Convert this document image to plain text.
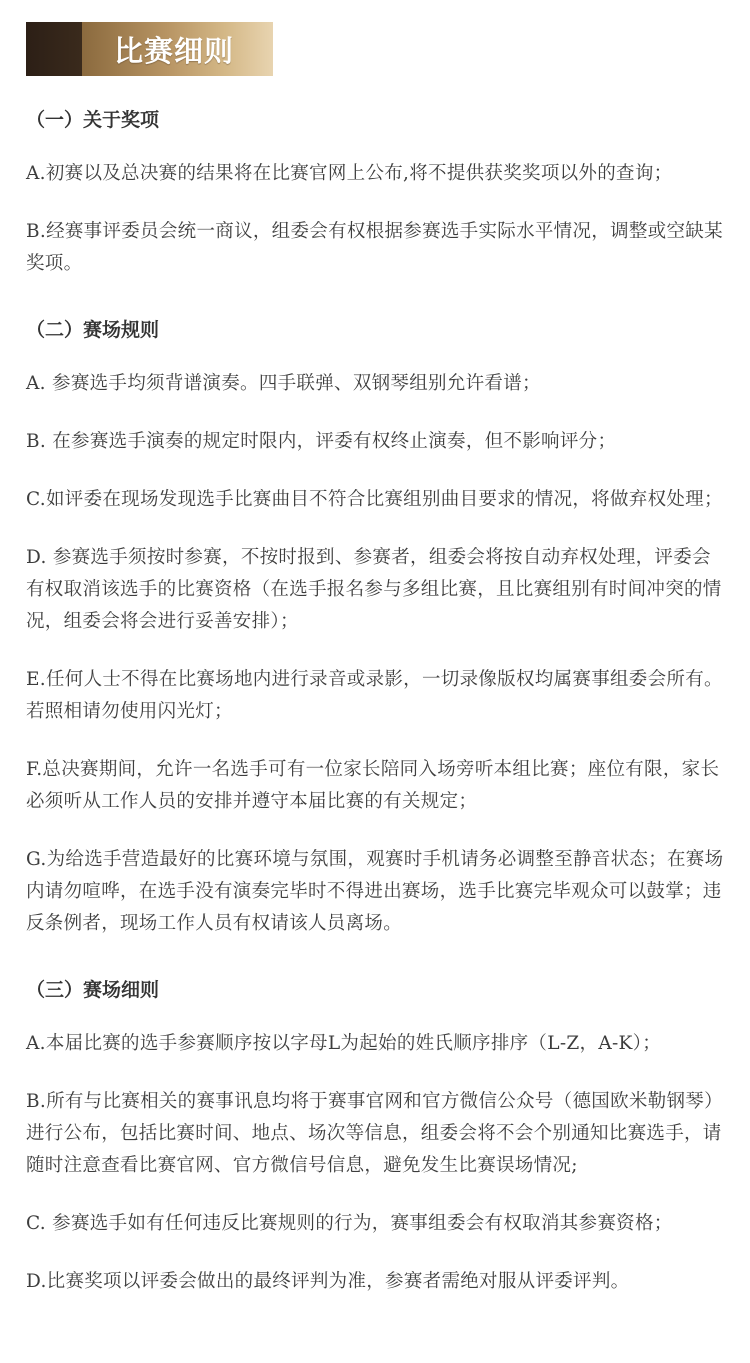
比赛细则
（一）关于奖项

A.初赛以及总决赛的结果将在比赛官网上公布,将不提供获奖奖项以外的查询；

B.经赛事评委员会统一商议，组委会有权根据参赛选手实际水平情况，调整或空缺某奖项。

（二）赛场规则

A. 参赛选手均须背谱演奏。四手联弹、双钢琴组别允许看谱；

B. 在参赛选手演奏的规定时限内，评委有权终止演奏，但不影响评分；

C.如评委在现场发现选手比赛曲目不符合比赛组别曲目要求的情况，将做弃权处理；

D. 参赛选手须按时参赛，不按时报到、参赛者，组委会将按自动弃权处理，评委会有权取消该选手的比赛资格（在选手报名参与多组比赛，且比赛组别有时间冲突的情况，组委会将会进行妥善安排）；

E.任何人士不得在比赛场地内进行录音或录影，一切录像版权均属赛事组委会所有。若照相请勿使用闪光灯；

F.总决赛期间，允许一名选手可有一位家长陪同入场旁听本组比赛；座位有限，家长必须听从工作人员的安排并遵守本届比赛的有关规定；

G.为给选手营造最好的比赛环境与氛围，观赛时手机请务必调整至静音状态；在赛场内请勿喧哗，在选手没有演奏完毕时不得进出赛场，选手比赛完毕观众可以鼓掌；违反条例者，现场工作人员有权请该人员离场。

（三）赛场细则

A.本届比赛的选手参赛顺序按以字母L为起始的姓氏顺序排序（L-Z，A-K）；

B.所有与比赛相关的赛事讯息均将于赛事官网和官方微信公众号（德国欧米勒钢琴）进行公布，包括比赛时间、地点、场次等信息，组委会将不会个别通知比赛选手，请随时注意查看比赛官网、官方微信号信息，避免发生比赛误场情况;

C. 参赛选手如有任何违反比赛规则的行为，赛事组委会有权取消其参赛资格；

D.比赛奖项以评委会做出的最终评判为准，参赛者需绝对服从评委评判。
